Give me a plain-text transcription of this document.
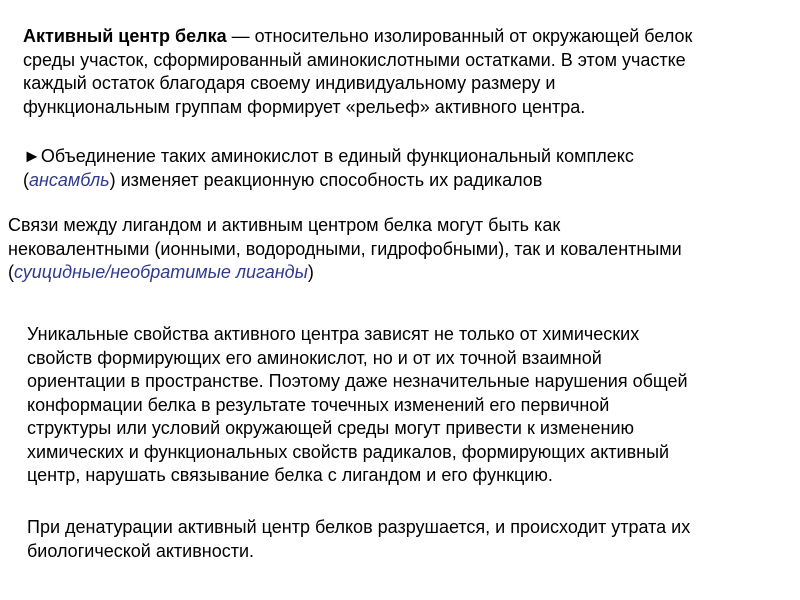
Активный центр белка — относительно изолированный от окружающей белок
среды участок, сформированный аминокислотными остатками. В этом участке
каждый остаток благодаря своему индивидуальному размеру и
функциональным группам формирует «рельеф» активного центра.
►Объединение таких аминокислот в единый функциональный комплекс
(ансамбль) изменяет реакционную способность их радикалов
Связи между лигандом и активным центром белка могут быть как
нековалентными (ионными, водородными, гидрофобными), так и ковалентными
(суицидные/необратимые лиганды)
Уникальные свойства активного центра зависят не только от химических
свойств формирующих его аминокислот, но и от их точной взаимной
ориентации в пространстве. Поэтому даже незначительные нарушения общей
конформации белка в результате точечных изменений его первичной
структуры или условий окружающей среды могут привести к изменению
химических и функциональных свойств радикалов, формирующих активный
центр, нарушать связывание белка с лигандом и его функцию.
При денатурации активный центр белков разрушается, и происходит утрата их
биологической активности.
